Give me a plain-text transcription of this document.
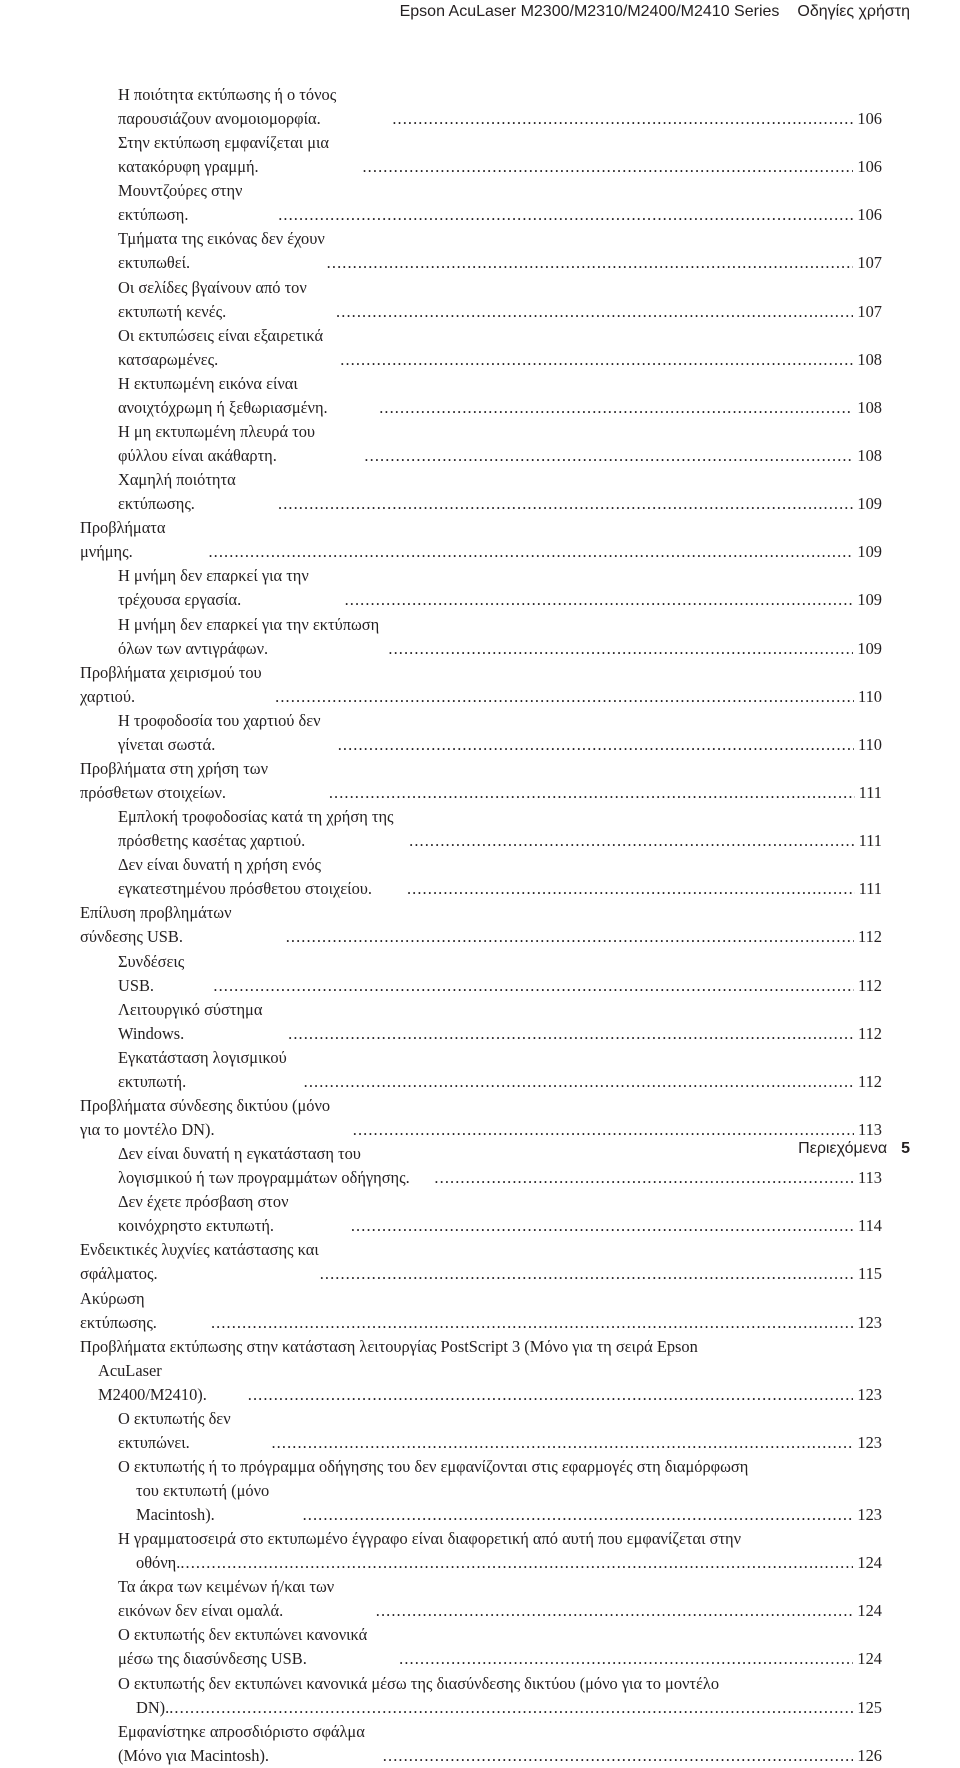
Epson AcuLaser M2300/M2310/M2400/M2410 Series Οδηγίες χρήστη
Η ποιότητα εκτύπωσης ή ο τόνος παρουσιάζουν ανομοιομορφία. . . .	106
Στην εκτύπωση εμφανίζεται μια κατακόρυφη γραμμή. . . .	106
Μουντζούρες στην εκτύπωση. . . .	106
Τμήματα της εικόνας δεν έχουν εκτυπωθεί. . . .	107
Οι σελίδες βγαίνουν από τον εκτυπωτή κενές. . . .	107
Οι εκτυπώσεις είναι εξαιρετικά κατσαρωμένες. . . .	108
Η εκτυπωμένη εικόνα είναι ανοιχτόχρωμη ή ξεθωριασμένη. . . .	108
Η μη εκτυπωμένη πλευρά του φύλλου είναι ακάθαρτη. . . .	108
Χαμηλή ποιότητα εκτύπωσης. . . .	109
Προβλήματα μνήμης. . . .	109
Η μνήμη δεν επαρκεί για την τρέχουσα εργασία. . . .	109
Η μνήμη δεν επαρκεί για την εκτύπωση όλων των αντιγράφων. . . .	109
Προβλήματα χειρισμού του χαρτιού. . . .	110
Η τροφοδοσία του χαρτιού δεν γίνεται σωστά. . . .	110
Προβλήματα στη χρήση των πρόσθετων στοιχείων. . . .	111
Εμπλοκή τροφοδοσίας κατά τη χρήση της πρόσθετης κασέτας χαρτιού. . . .	111
Δεν είναι δυνατή η χρήση ενός εγκατεστημένου πρόσθετου στοιχείου. . . .	111
Επίλυση προβλημάτων σύνδεσης USB. . . .	112
Συνδέσεις USB. . . .	112
Λειτουργικό σύστημα Windows. . . .	112
Εγκατάσταση λογισμικού εκτυπωτή. . . .	112
Προβλήματα σύνδεσης δικτύου (μόνο για το μοντέλο DN). . . .	113
Δεν είναι δυνατή η εγκατάσταση του λογισμικού ή των προγραμμάτων οδήγησης. . . .	113
Δεν έχετε πρόσβαση στον κοινόχρηστο εκτυπωτή. . . .	114
Ενδεικτικές λυχνίες κατάστασης και σφάλματος. . . .	115
Ακύρωση εκτύπωσης. . . .	123
Προβλήματα εκτύπωσης στην κατάσταση λειτουργίας PostScript 3 (Μόνο για τη σειρά Epson
AcuLaser M2400/M2410). . . .	123
Ο εκτυπωτής δεν εκτυπώνει. . . .	123
Ο εκτυπωτής ή το πρόγραμμα οδήγησης του δεν εμφανίζονται στις εφαρμογές στη διαμόρφωση
του εκτυπωτή (μόνο Macintosh). . . .	123
Η γραμματοσειρά στο εκτυπωμένο έγγραφο είναι διαφορετική από αυτή που εμφανίζεται στην
οθόνη. . . .	124
Τα άκρα των κειμένων ή/και των εικόνων δεν είναι ομαλά. . . .	124
Ο εκτυπωτής δεν εκτυπώνει κανονικά μέσω της διασύνδεσης USB. . . .	124
Ο εκτυπωτής δεν εκτυπώνει κανονικά μέσω της διασύνδεσης δικτύου (μόνο για το μοντέλο
DN). . . .	125
Εμφανίστηκε απροσδιόριστο σφάλμα (Μόνο για Macintosh). . . .	126
Περιεχόμενα 5
